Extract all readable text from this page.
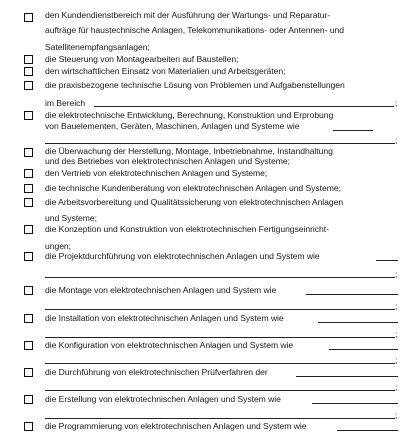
den Kundendienstbereich mit der Ausführung der Wartungs- und Reparatur-
aufträge für haustechnische Anlagen, Telekommunikations- oder Antennen- und
Satellitenempfangsanlagen;
die Steuerung von Montagearbeiten auf Baustellen;
den wirtschaftlichen Einsatz von Materialien und Arbeitsgeräten;
die praxisbezogene technische Lösung von Problemen und Aufgabenstellungen
im Bereich	;
die elektrotechnische Entwicklung, Berechnung, Konstruktion und Erprobung
von Bauelementen, Geräten, Maschinen, Anlagen und Systeme wie
;
die Überwachung der Herstellung, Montage, Inbetriebnahme, Instandhaltung
und des Betriebes von elektrotechnischen Anlagen und Systeme;
den Vertrieb von elektrotechnischen Anlagen und Systeme;
die technische Kundenberatung von elektrotechnischen Anlagen und Systeme;
die Arbeitsvorbereitung und Qualitätssicherung von elektrotechnischen Anlagen
und Systeme;
die Konzeption und Konstruktion von elektrotechnischen Fertigungseinricht-
ungen;
die Projektdurchführung von elektrotechnischen Anlagen und System wie
;
die Montage von elektrotechnischen Anlagen und System wie
;
die Installation von elektrotechnischen Anlagen und System wie
;
die Konfiguration von elektrotechnischen Anlagen und System wie
;
die Durchführung von elektrotechnischen Prüfverfahren der
;
die Erstellung von elektrotechnischen Anlagen und System wie
;
die Programmierung von elektrotechnischen Anlagen und System wie
